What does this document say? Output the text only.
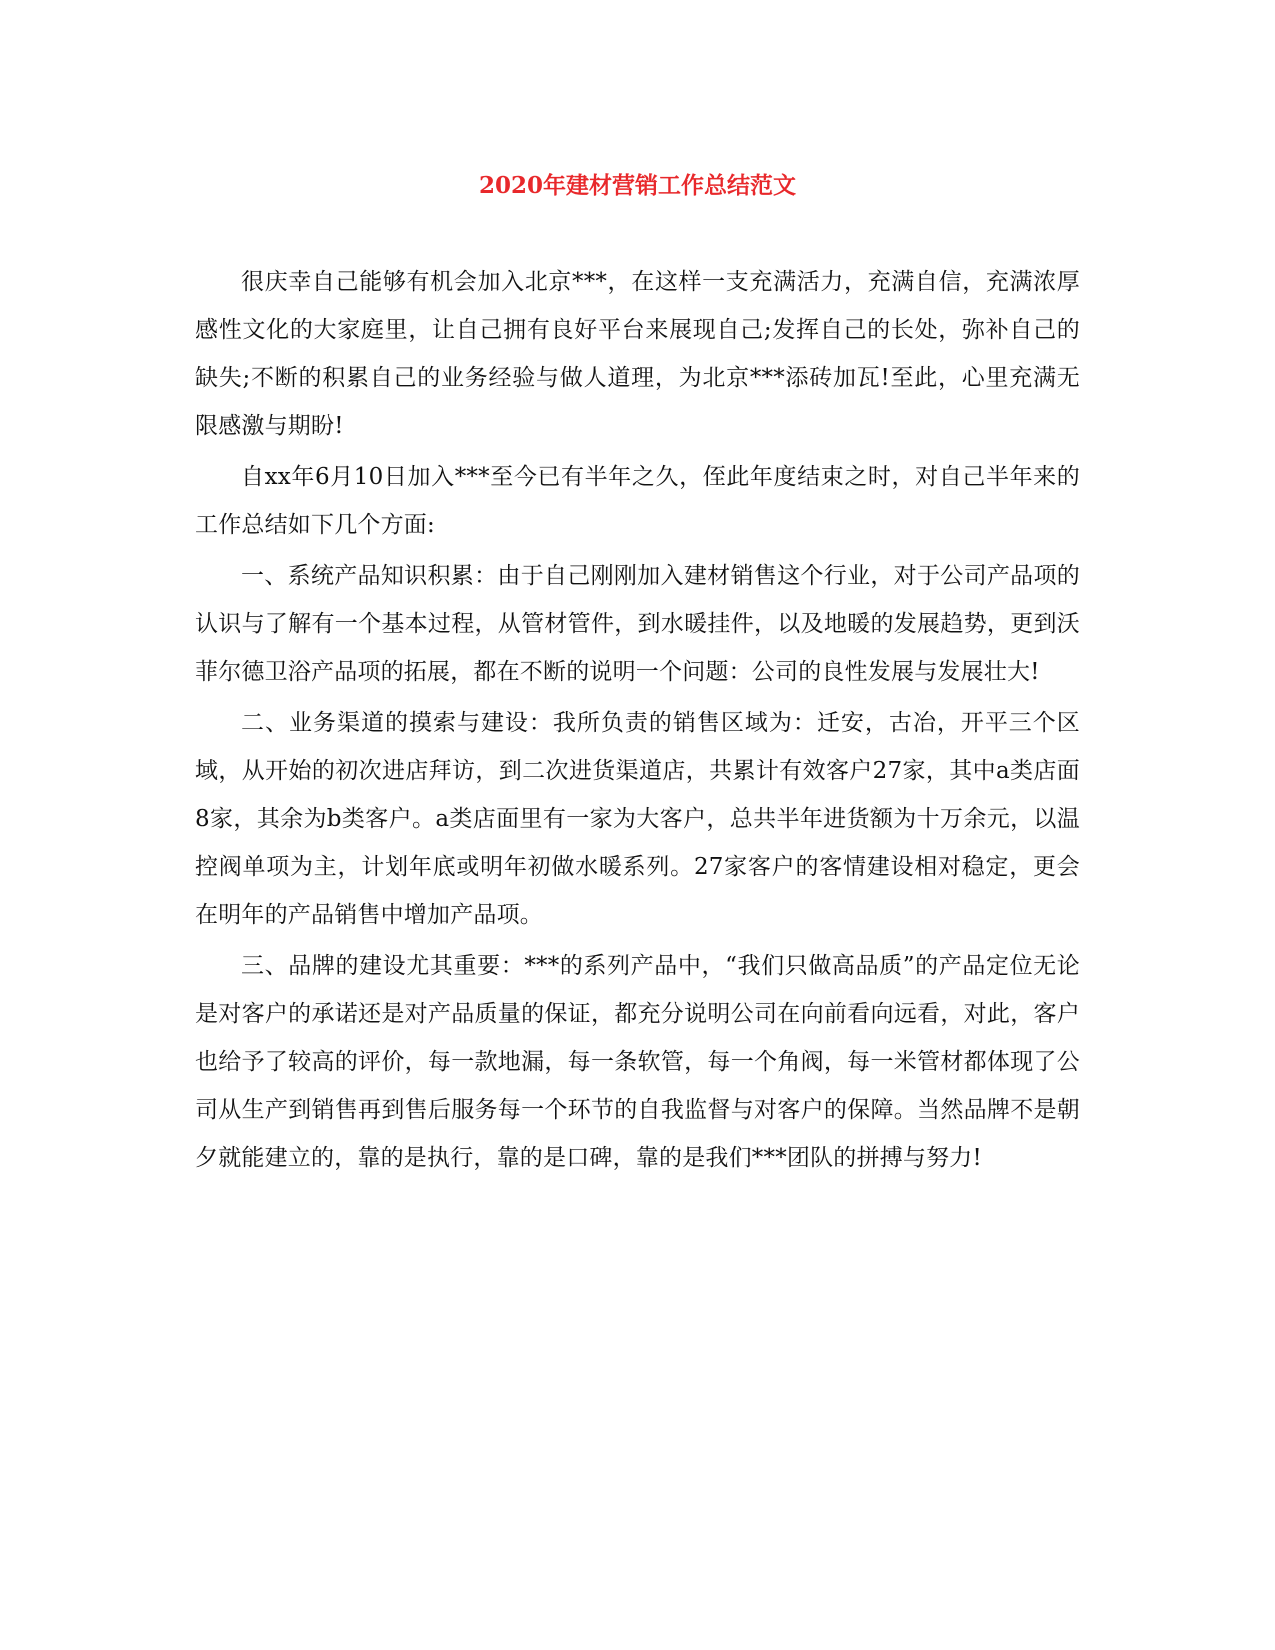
2020年建材营销工作总结范文

很庆幸自己能够有机会加入北京***，在这样一支充满活力，充满自信，充满浓厚感性文化的大家庭里，让自己拥有良好平台来展现自己;发挥自己的长处，弥补自己的缺失;不断的积累自己的业务经验与做人道理，为北京***添砖加瓦!至此，心里充满无限感激与期盼!

自xx年6月10日加入***至今已有半年之久，侄此年度结束之时，对自己半年来的工作总结如下几个方面:

一、系统产品知识积累：由于自己刚刚加入建材销售这个行业，对于公司产品项的认识与了解有一个基本过程，从管材管件，到水暖挂件，以及地暖的发展趋势，更到沃菲尔德卫浴产品项的拓展，都在不断的说明一个问题：公司的良性发展与发展壮大!

二、业务渠道的摸索与建设：我所负责的销售区域为：迁安，古冶，开平三个区域，从开始的初次进店拜访，到二次进货渠道店，共累计有效客户27家，其中a类店面8家，其余为b类客户。a类店面里有一家为大客户，总共半年进货额为十万余元，以温控阀单项为主，计划年底或明年初做水暖系列。27家客户的客情建设相对稳定，更会在明年的产品销售中增加产品项。

三、品牌的建设尤其重要：***的系列产品中，“我们只做高品质”的产品定位无论是对客户的承诺还是对产品质量的保证，都充分说明公司在向前看向远看，对此，客户也给予了较高的评价，每一款地漏，每一条软管，每一个角阀，每一米管材都体现了公司从生产到销售再到售后服务每一个环节的自我监督与对客户的保障。当然品牌不是朝夕就能建立的，靠的是执行，靠的是口碑，靠的是我们***团队的拼搏与努力!
